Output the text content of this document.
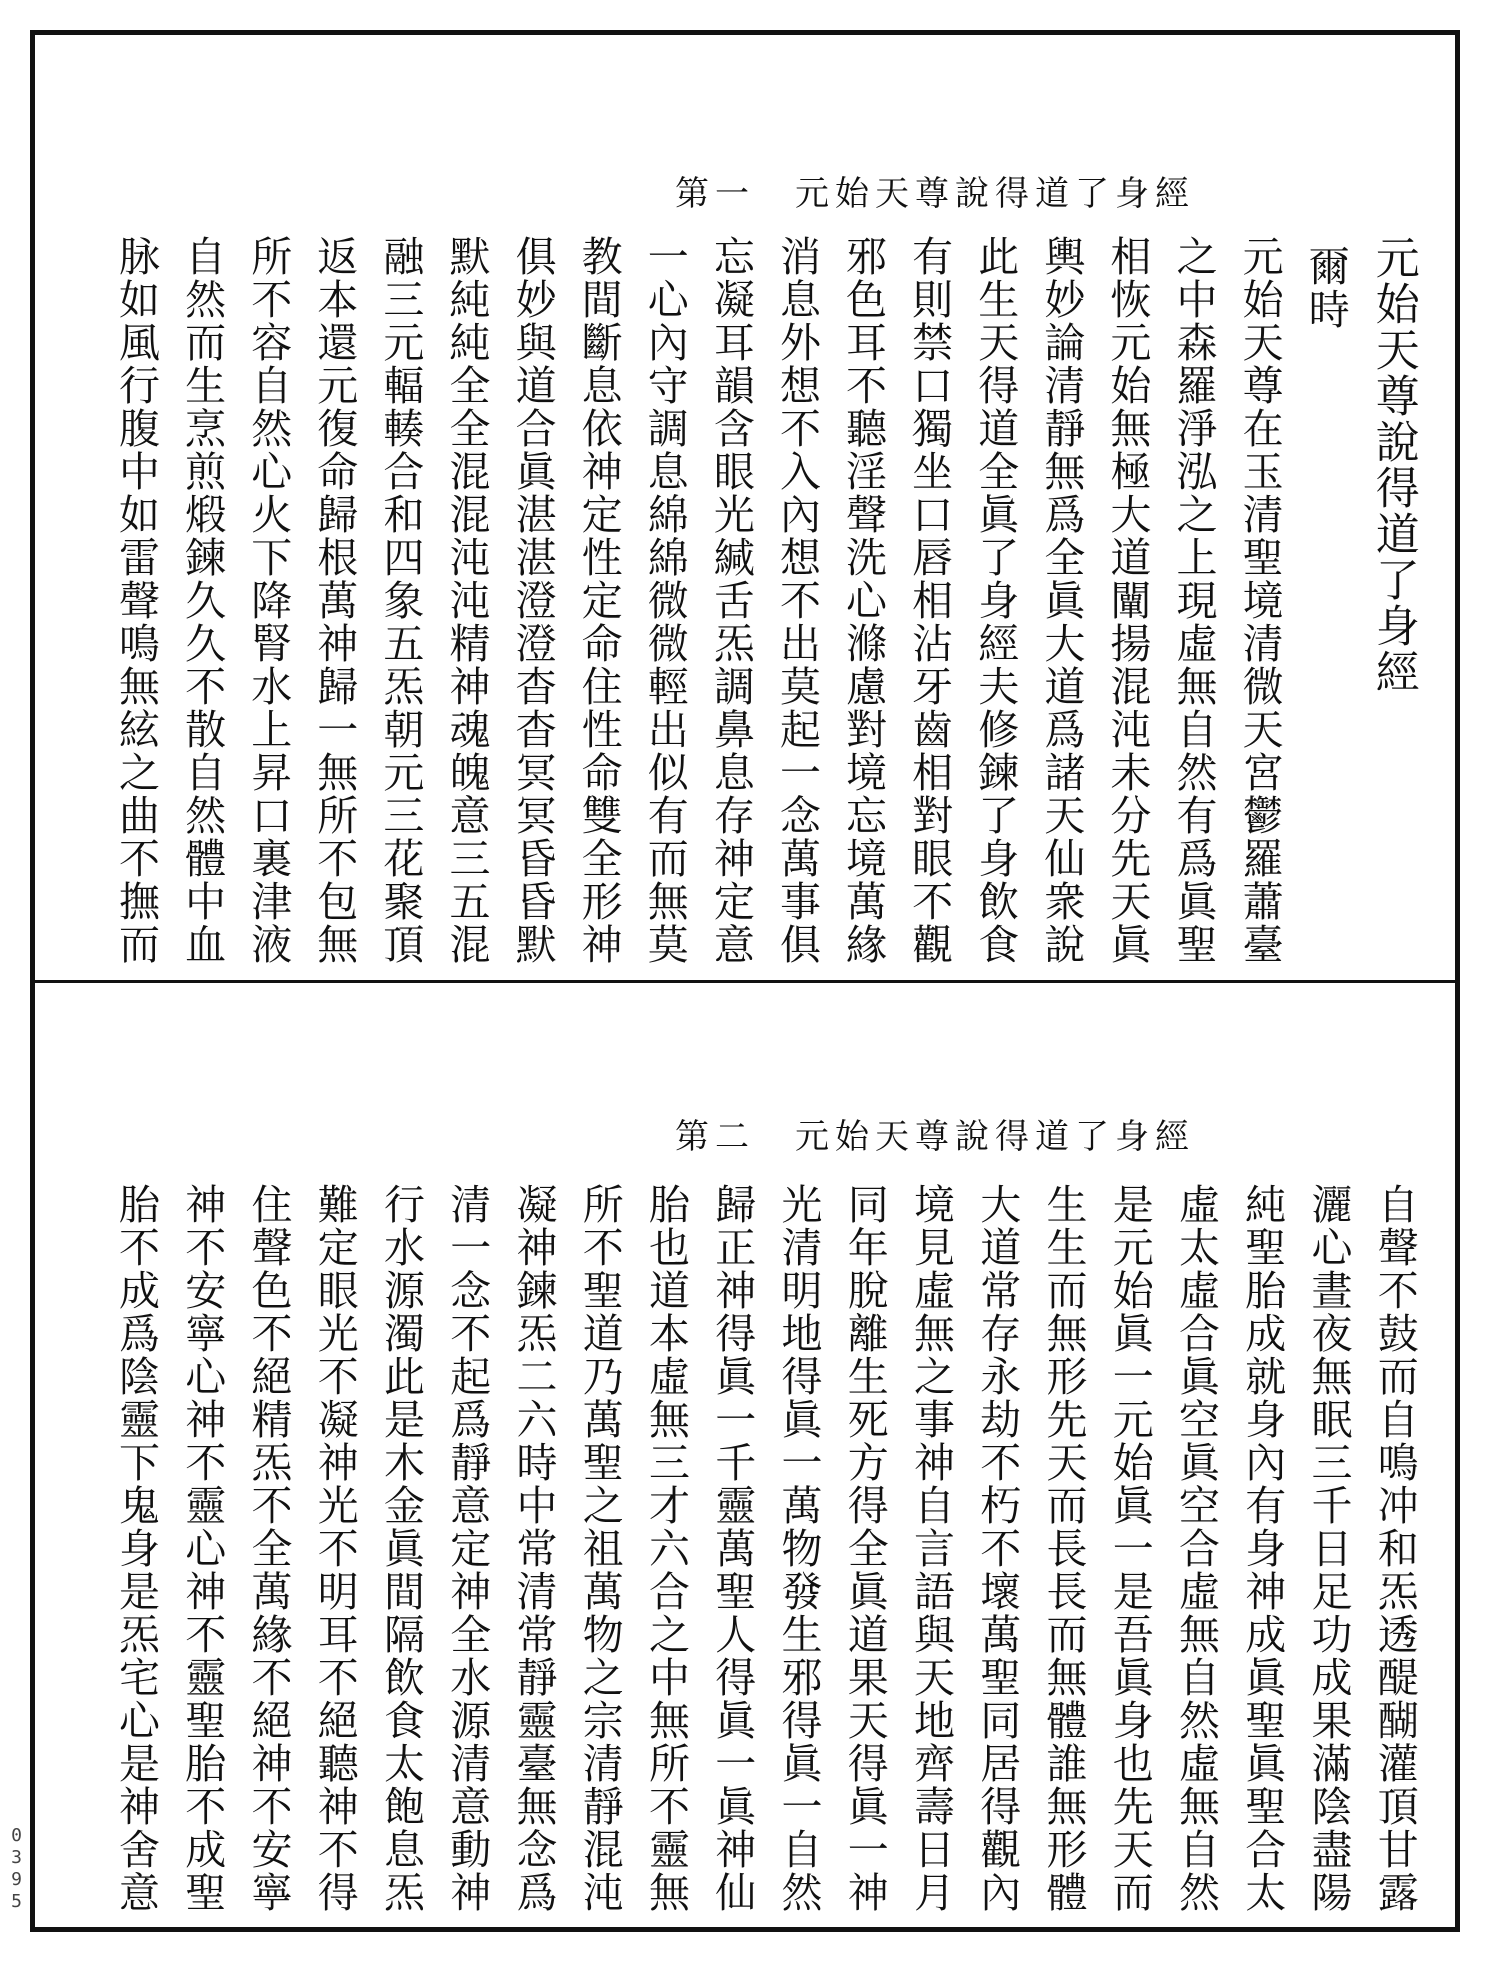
第一 元始天尊說得道了身經
元始天尊說得道了身經
爾時
元始天尊在玉清聖境清微天宮鬱羅蕭臺
之中森羅淨泓之上現虛無自然有爲眞聖
相恢元始無極大道闡揚混沌未分先天眞
輿妙論清靜無爲全眞大道爲諸天仙衆說
此生天得道全眞了身經夫修鍊了身飲食
有則禁口獨坐口唇相沾牙齒相對眼不觀
邪色耳不聽淫聲洗心滌慮對境忘境萬緣
消息外想不入內想不出莫起一念萬事俱
忘凝耳韻含眼光緘舌炁調鼻息存神定意
一心內守調息綿綿微微輕出似有而無莫
教間斷息依神定性定命住性命雙全形神
俱妙與道合眞湛湛澄澄杳杳冥冥昏昏默
默純純全全混混沌沌精神魂魄意三五混
融三元輻輳合和四象五炁朝元三花聚頂
返本還元復命歸根萬神歸一無所不包無
所不容自然心火下降腎水上昇口裏津液
自然而生烹煎煅鍊久久不散自然體中血
脉如風行腹中如雷聲鳴無絃之曲不撫而
第二 元始天尊說得道了身經
自聲不鼓而自鳴冲和炁透醍醐灌頂甘露
灑心晝夜無眠三千日足功成果滿陰盡陽
純聖胎成就身內有身神成眞聖眞聖合太
虛太虛合眞空眞空合虛無自然虛無自然
是元始眞一元始眞一是吾眞身也先天而
生生而無形先天而長長而無體誰無形體
大道常存永劫不朽不壞萬聖同居得觀內
境見虛無之事神自言語與天地齊壽日月
同年脫離生死方得全眞道果天得眞一神
光清明地得眞一萬物發生邪得眞一自然
歸正神得眞一千靈萬聖人得眞一眞神仙
胎也道本虛無三才六合之中無所不靈無
所不聖道乃萬聖之祖萬物之宗清靜混沌
凝神鍊炁二六時中常清常靜靈臺無念爲
清一念不起爲靜意定神全水源清意動神
行水源濁此是木金眞間隔飲食太飽息炁
難定眼光不凝神光不明耳不絕聽神不得
住聲色不絕精炁不全萬緣不絕神不安寧
神不安寧心神不靈心神不靈聖胎不成聖
胎不成爲陰靈下鬼身是炁宅心是神舍意
0395
